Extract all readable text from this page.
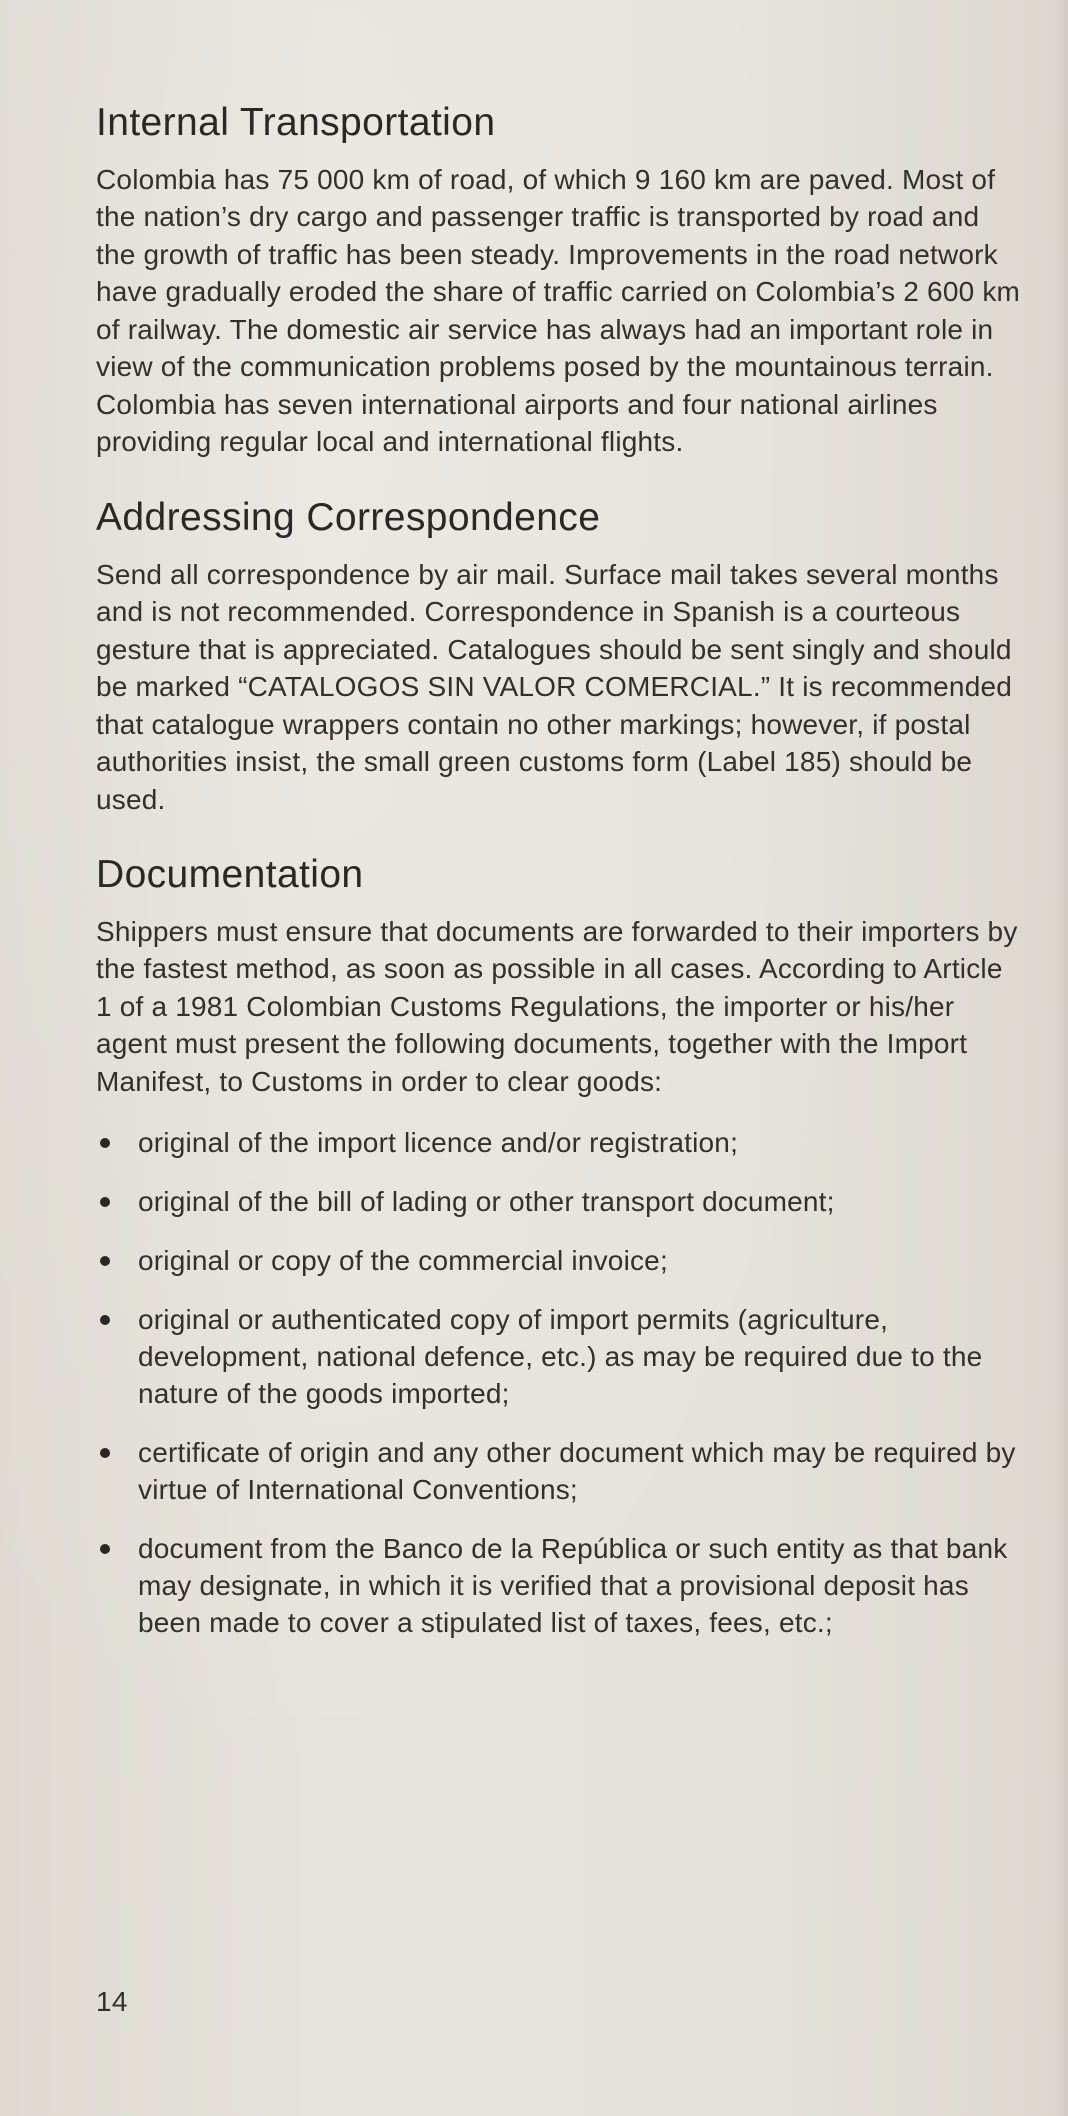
Internal Transportation

Colombia has 75 000 km of road, of which 9 160 km are paved. Most of the nation’s dry cargo and passenger traffic is transported by road and the growth of traffic has been steady. Improvements in the road network have gradually eroded the share of traffic carried on Colombia’s 2 600 km of railway. The domestic air service has always had an important role in view of the communication problems posed by the mountainous terrain. Colombia has seven international airports and four national airlines providing regular local and international flights.

Addressing Correspondence

Send all correspondence by air mail. Surface mail takes several months and is not recommended. Correspondence in Spanish is a courteous gesture that is appreciated. Catalogues should be sent singly and should be marked “CATALOGOS SIN VALOR COMERCIAL.” It is recommended that catalogue wrappers contain no other markings; however, if postal authorities insist, the small green customs form (Label 185) should be used.

Documentation

Shippers must ensure that documents are forwarded to their importers by the fastest method, as soon as possible in all cases. According to Article 1 of a 1981 Colombian Customs Regulations, the importer or his/her agent must present the following documents, together with the Import Manifest, to Customs in order to clear goods:

original of the import licence and/or registration;
original of the bill of lading or other transport document;
original or copy of the commercial invoice;
original or authenticated copy of import permits (agriculture, development, national defence, etc.) as may be required due to the nature of the goods imported;
certificate of origin and any other document which may be required by virtue of International Conventions;
document from the Banco de la República or such entity as that bank may designate, in which it is verified that a provisional deposit has been made to cover a stipulated list of taxes, fees, etc.;
14
